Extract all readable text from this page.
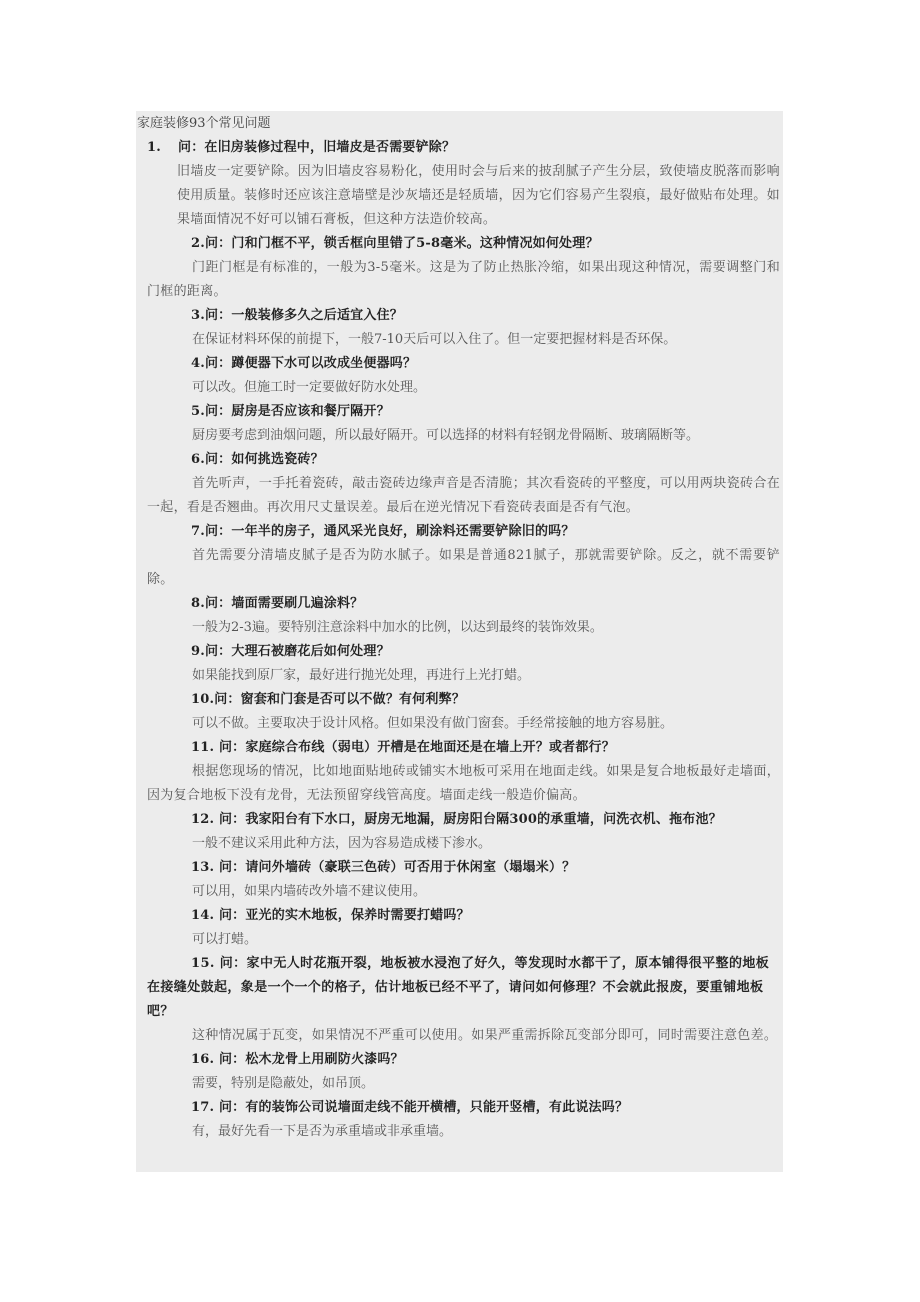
家庭装修93个常见问题
1. 问：在旧房装修过程中，旧墙皮是否需要铲除？
旧墙皮一定要铲除。因为旧墙皮容易粉化，使用时会与后来的披刮腻子产生分层，致使墙皮脱落而影响使用质量。装修时还应该注意墙壁是沙灰墙还是轻质墙，因为它们容易产生裂痕，最好做贴布处理。如果墙面情况不好可以铺石膏板，但这种方法造价较高。
2.问：门和门框不平，锁舌框向里错了5-8毫米。这种情况如何处理？
门距门框是有标准的，一般为3-5毫米。这是为了防止热胀冷缩，如果出现这种情况，需要调整门和门框的距离。
3.问：一般装修多久之后适宜入住？
在保证材料环保的前提下，一般7-10天后可以入住了。但一定要把握材料是否环保。
4.问：蹲便器下水可以改成坐便器吗？
可以改。但施工时一定要做好防水处理。
5.问：厨房是否应该和餐厅隔开？
厨房要考虑到油烟问题，所以最好隔开。可以选择的材料有轻钢龙骨隔断、玻璃隔断等。
6.问：如何挑选瓷砖？
首先听声，一手托着瓷砖，敲击瓷砖边缘声音是否清脆；其次看瓷砖的平整度，可以用两块瓷砖合在一起，看是否翘曲。再次用尺丈量误差。最后在逆光情况下看瓷砖表面是否有气泡。
7.问：一年半的房子，通风采光良好，刷涂料还需要铲除旧的吗？
首先需要分清墙皮腻子是否为防水腻子。如果是普通821腻子，那就需要铲除。反之，就不需要铲除。
8.问：墙面需要刷几遍涂料？
一般为2-3遍。要特别注意涂料中加水的比例，以达到最终的装饰效果。
9.问：大理石被磨花后如何处理？
如果能找到原厂家，最好进行抛光处理，再进行上光打蜡。
10.问：窗套和门套是否可以不做？有何利弊？
可以不做。主要取决于设计风格。但如果没有做门窗套。手经常接触的地方容易脏。
11. 问：家庭综合布线（弱电）开槽是在地面还是在墙上开？或者都行？
根据您现场的情况，比如地面贴地砖或铺实木地板可采用在地面走线。如果是复合地板最好走墙面，因为复合地板下没有龙骨，无法预留穿线管高度。墙面走线一般造价偏高。
12. 问：我家阳台有下水口，厨房无地漏，厨房阳台隔300的承重墙，问洗衣机、拖布池？
一般不建议采用此种方法，因为容易造成楼下渗水。
13. 问：请问外墙砖（豪联三色砖）可否用于休闲室（塌塌米）？
可以用，如果内墙砖改外墙不建议使用。
14. 问：亚光的实木地板，保养时需要打蜡吗？
可以打蜡。
15. 问：家中无人时花瓶开裂，地板被水浸泡了好久，等发现时水都干了，原本铺得很平整的地板在接缝处鼓起，象是一个一个的格子，估计地板已经不平了，请问如何修理？不会就此报废，要重铺地板吧？
这种情况属于瓦变，如果情况不严重可以使用。如果严重需拆除瓦变部分即可，同时需要注意色差。
16. 问：松木龙骨上用刷防火漆吗？
需要，特别是隐蔽处，如吊顶。
17. 问：有的装饰公司说墙面走线不能开横槽，只能开竖槽，有此说法吗？
有，最好先看一下是否为承重墙或非承重墙。
